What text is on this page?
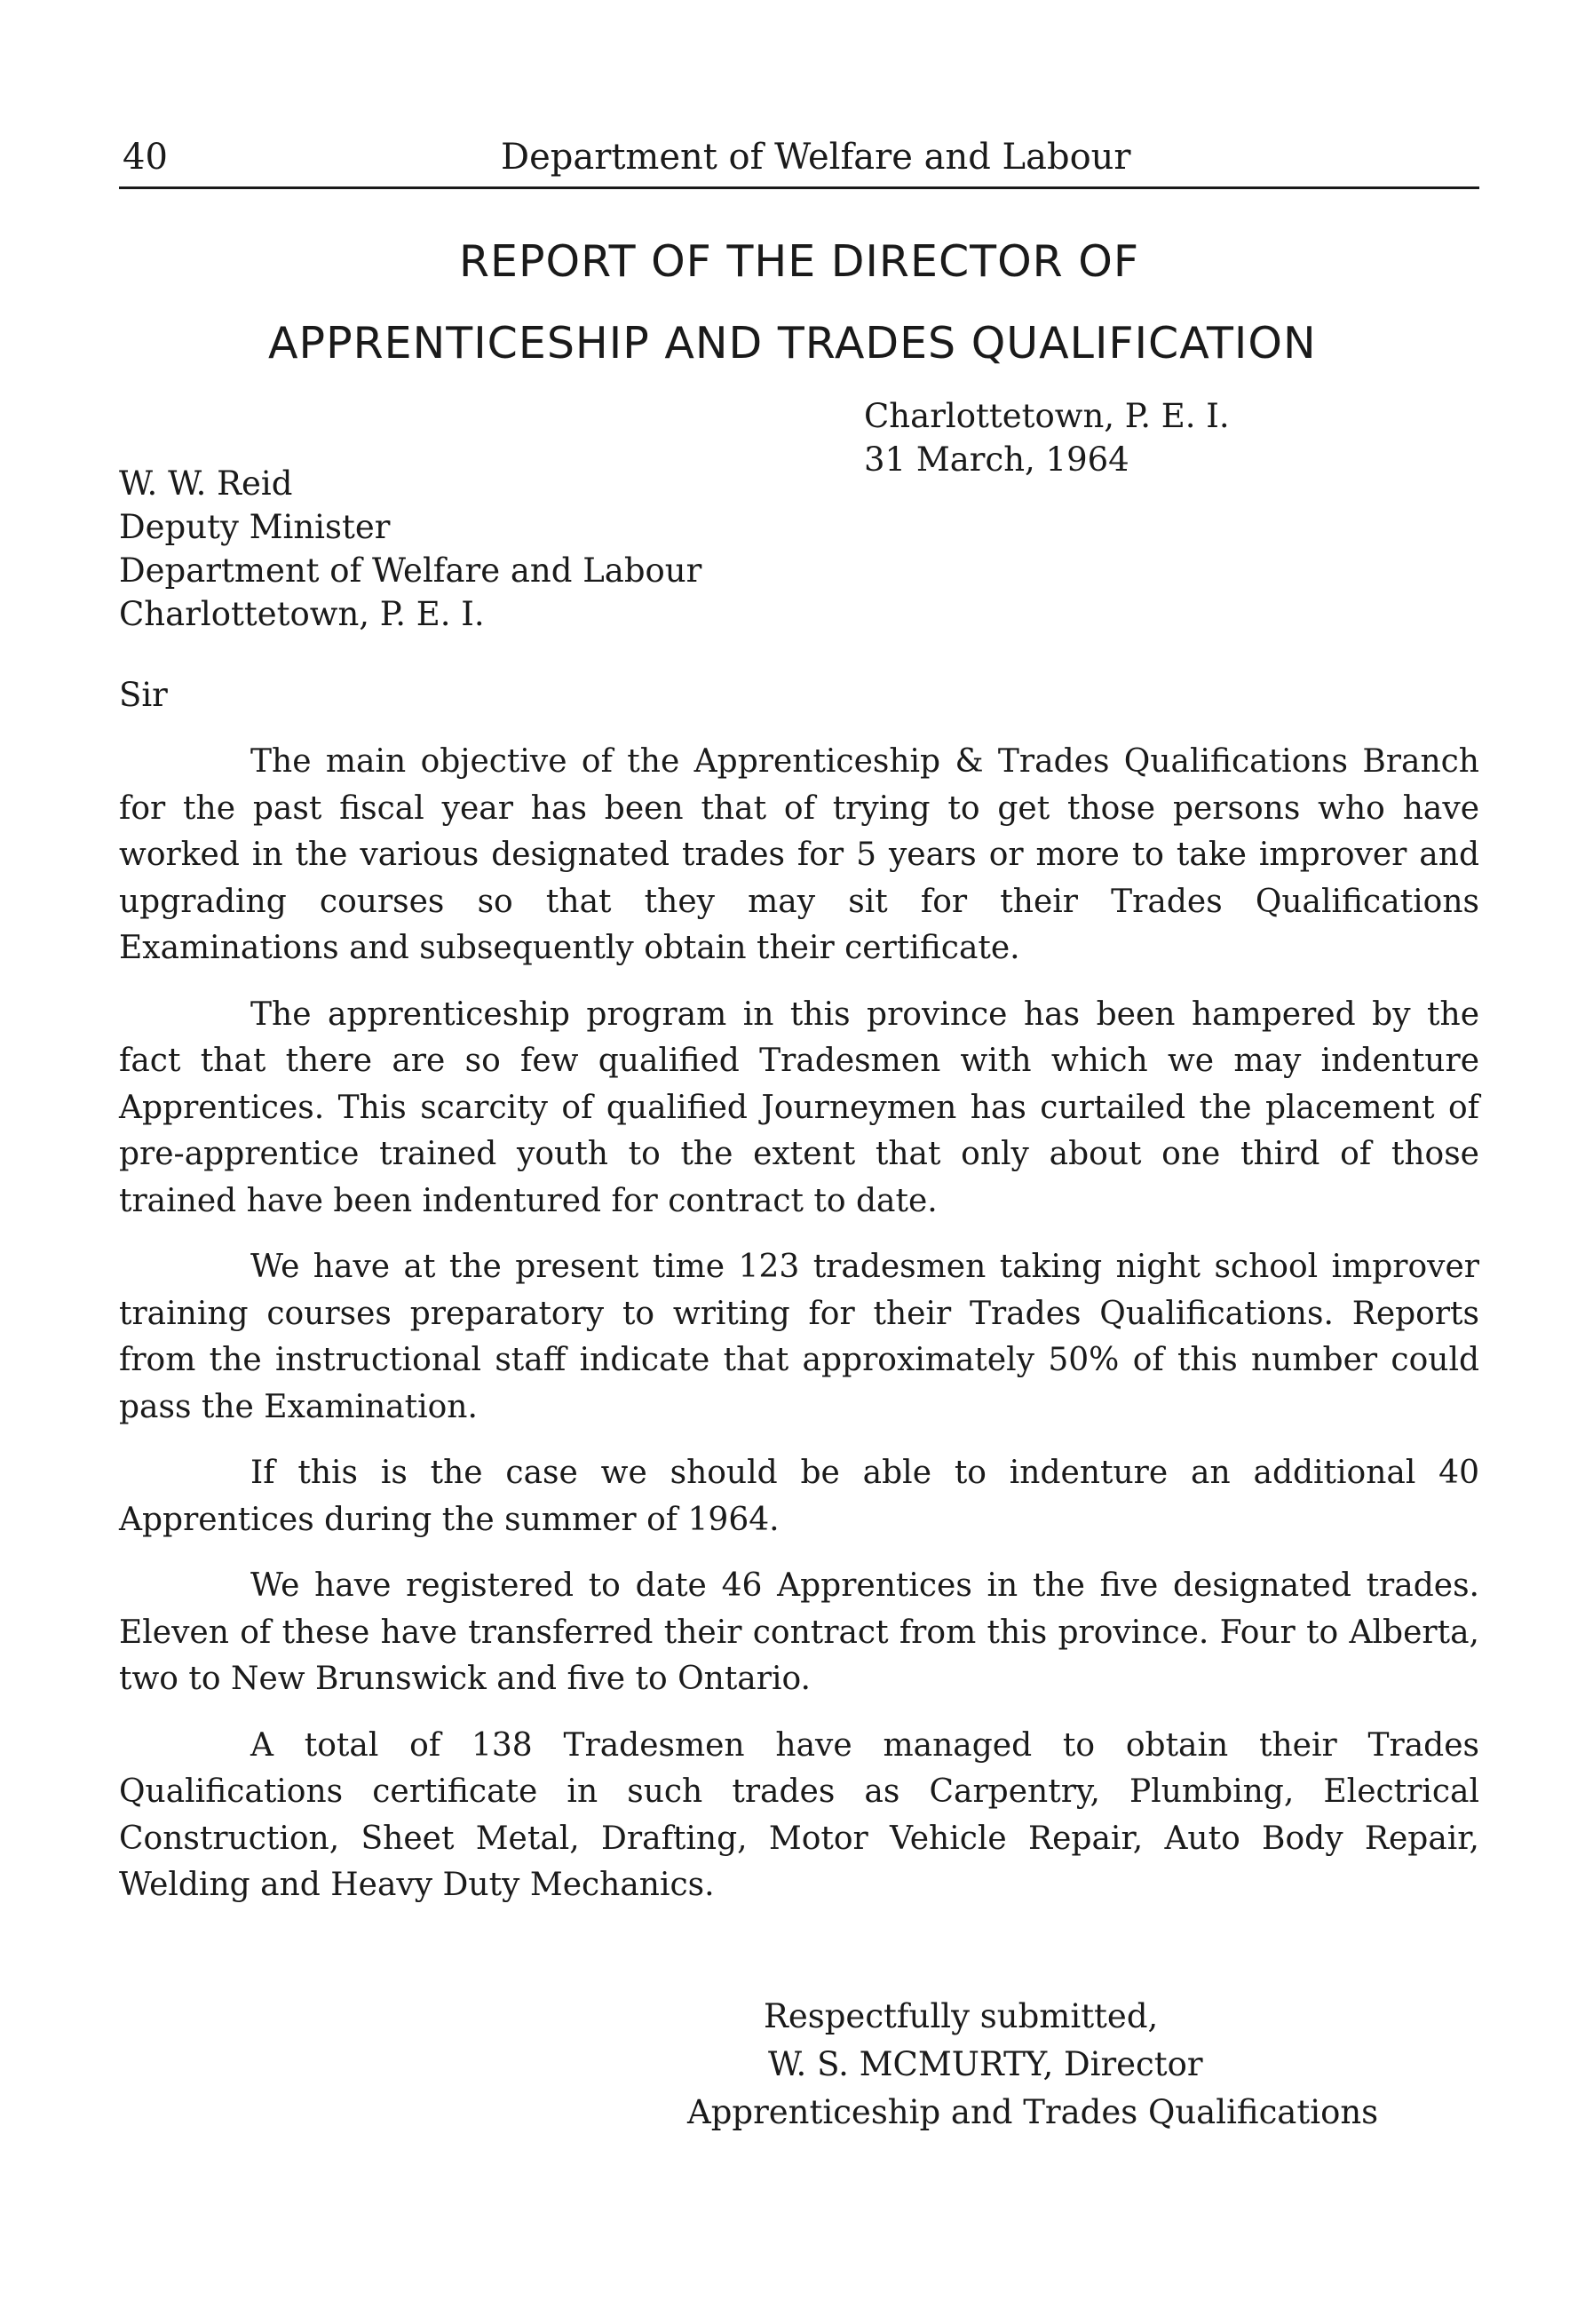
40	Department of Welfare and Labour
REPORT OF THE DIRECTOR OF
APPRENTICESHIP AND TRADES QUALIFICATION
Charlottetown, P. E. I.
31 March, 1964
W. W. Reid
Deputy Minister
Department of Welfare and Labour
Charlottetown, P. E. I.
Sir

The main objective of the Apprenticeship & Trades Qualifications Branch for the past fiscal year has been that of trying to get those persons who have worked in the various designated trades for 5 years or more to take improver and upgrading courses so that they may sit for their Trades Qualifications Examinations and subsequently obtain their certificate.

The apprenticeship program in this province has been hampered by the fact that there are so few qualified Tradesmen with which we may indenture Apprentices. This scarcity of qualified Journeymen has curtailed the placement of pre-apprentice trained youth to the extent that only about one third of those trained have been indentured for contract to date.

We have at the present time 123 tradesmen taking night school improver training courses preparatory to writing for their Trades Qualifications. Reports from the instructional staff indicate that approximately 50% of this number could pass the Examination.

If this is the case we should be able to indenture an additional 40 Apprentices during the summer of 1964.

We have registered to date 46 Apprentices in the five designated trades. Eleven of these have transferred their contract from this province. Four to Alberta, two to New Brunswick and five to Ontario.

A total of 138 Tradesmen have managed to obtain their Trades Qualifications certificate in such trades as Carpentry, Plumbing, Electrical Construction, Sheet Metal, Drafting, Motor Vehicle Repair, Auto Body Repair, Welding and Heavy Duty Mechanics.

Respectfully submitted,
W. S. MCMURTY, Director
Apprenticeship and Trades Qualifications
